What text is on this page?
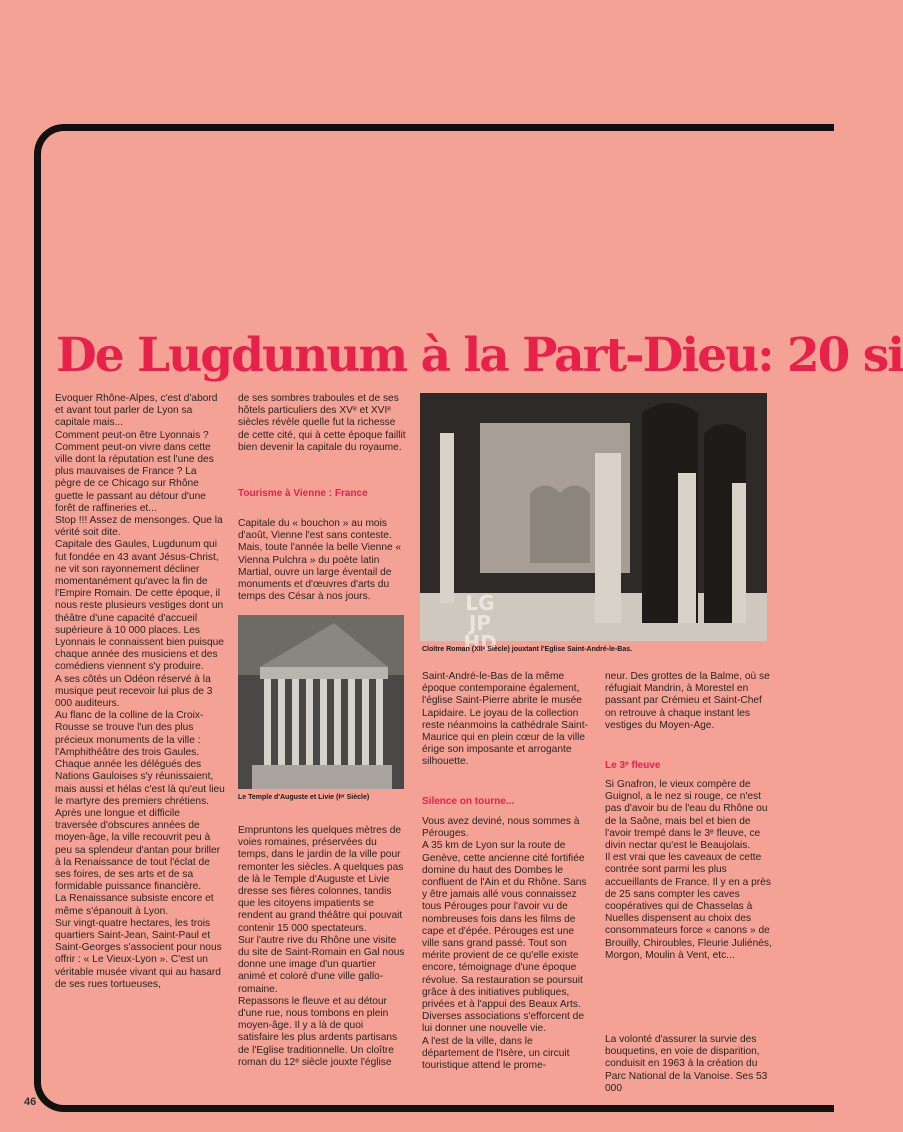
De Lugdunum à la Part-Dieu: 20 si

Evoquer Rhône-Alpes, c'est d'abord et avant tout parler de Lyon sa capitale mais...
Comment peut-on être Lyonnais ?
Comment peut-on vivre dans cette ville dont la réputation est l'une des plus mauvaises de France ? La pègre de ce Chicago sur Rhône guette le passant au détour d'une forêt de raffineries et...
Stop !!! Assez de mensonges. Que la vérité soit dite.
Capitale des Gaules, Lugdunum qui fut fondée en 43 avant Jésus-Christ, ne vit son rayonnement décliner momentanément qu'avec la fin de l'Empire Romain. De cette époque, il nous reste plusieurs vestiges dont un théâtre d'une capacité d'accueil supérieure à 10 000 places. Les Lyonnais le connaissent bien puisque chaque année des musiciens et des comédiens viennent s'y produire.
A ses côtés un Odéon réservé à la musique peut recevoir lui plus de 3 000 auditeurs.
Au flanc de la colline de la Croix-Rousse se trouve l'un des plus précieux monuments de la ville : l'Amphithéâtre des trois Gaules. Chaque année les délégués des Nations Gauloises s'y réunissaient, mais aussi et hélas c'est là qu'eut lieu le martyre des premiers chrétiens.
Après une longue et difficile traversée d'obscures années de moyen-âge, la ville recouvrit peu à peu sa splendeur d'antan pour briller à la Renaissance de tout l'éclat de ses foires, de ses arts et de sa formidable puissance financière.
La Renaissance subsiste encore et même s'épanouit à Lyon.
Sur vingt-quatre hectares, les trois quartiers Saint-Jean, Saint-Paul et Saint-Georges s'associent pour nous offrir : « Le Vieux-Lyon ». C'est un véritable musée vivant qui au hasard de ses rues tortueuses,

de ses sombres traboules et de ses hôtels particuliers des XVᵉ et XVIᵉ siècles révèle quelle fut la richesse de cette cité, qui à cette époque faillit bien devenir la capitale du royaume.

Tourisme à Vienne : France

Capitale du « bouchon » au mois d'août, Vienne l'est sans conteste. Mais, toute l'année la belle Vienne « Vienna Pulchra » du poète latin Martial, ouvre un large éventail de monuments et d'œuvres d'arts du temps des César à nos jours.

Le Temple d'Auguste et Livie (Iᵉʳ Siècle)

Empruntons les quelques mètres de voies romaines, préservées du temps, dans le jardin de la ville pour remonter les siècles. A quelques pas de là le Temple d'Auguste et Livie dresse ses fières colonnes, tandis que les citoyens impatients se rendent au grand théâtre qui pouvait contenir 15 000 spectateurs.
Sur l'autre rive du Rhône une visite du site de Saint-Romain en Gal nous donne une image d'un quartier animé et coloré d'une ville gallo-romaine.
Repassons le fleuve et au détour d'une rue, nous tombons en plein moyen-âge. Il y a là de quoi satisfaire les plus ardents partisans de l'Eglise traditionnelle. Un cloître roman du 12ᵉ siècle jouxte l'église

LG
JP
HD

Cloître Roman (XIIᵉ Siècle) jouxtant l'Eglise Saint-André-le-Bas.

Saint-André-le-Bas de la même époque contemporaine également, l'église Saint-Pierre abrite le musée Lapidaire. Le joyau de la collection reste néanmoins la cathédrale Saint-Maurice qui en plein cœur de la ville érige son imposante et arrogante silhouette.

Silence on tourne...

Vous avez deviné, nous sommes à Pérouges.
A 35 km de Lyon sur la route de Genève, cette ancienne cité fortifiée domine du haut des Dombes le confluent de l'Ain et du Rhône. Sans y être jamais allé vous connaissez tous Pérouges pour l'avoir vu de nombreuses fois dans les films de cape et d'épée. Pérouges est une ville sans grand passé. Tout son mérite provient de ce qu'elle existe encore, témoignage d'une époque révolue. Sa restauration se poursuit grâce à des initiatives publiques, privées et à l'appui des Beaux Arts. Diverses associations s'efforcent de lui donner une nouvelle vie.
A l'est de la ville, dans le département de l'Isère, un circuit touristique attend le prome-

neur. Des grottes de la Balme, où se réfugiait Mandrin, à Morestel en passant par Crémieu et Saint-Chef on retrouve à chaque instant les vestiges du Moyen-Age.

Le 3ᵉ fleuve

Si Gnafron, le vieux compère de Guignol, a le nez si rouge, ce n'est pas d'avoir bu de l'eau du Rhône ou de la Saône, mais bel et bien de l'avoir trempé dans le 3ᵉ fleuve, ce divin nectar qu'est le Beaujolais.
Il est vrai que les caveaux de cette contrée sont parmi les plus accueillants de France. Il y en a près de 25 sans compter les caves coopératives qui de Chasselas à Nuelles dispensent au choix des consommateurs force « canons » de Brouilly, Chiroubles, Fleurie Juliénés, Morgon, Moulin à Vent, etc...

La volonté d'assurer la survie des bouquetins, en voie de disparition, conduisit en 1963 à la création du Parc National de la Vanoise. Ses 53 000

46
